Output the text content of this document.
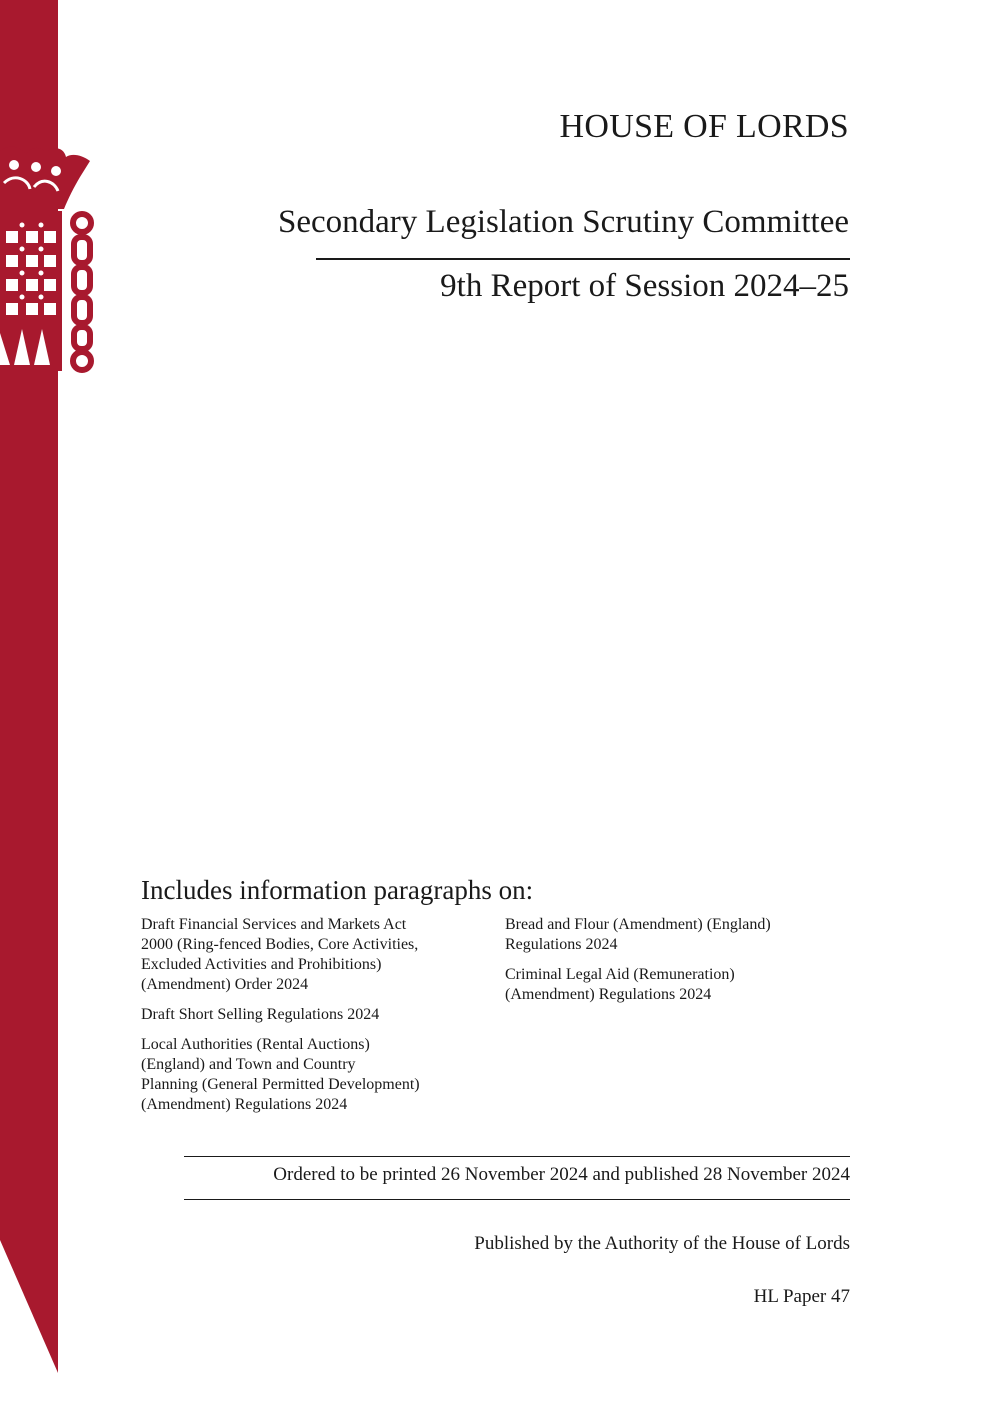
HOUSE OF LORDS
Secondary Legislation Scrutiny Committee
9th Report of Session 2024–25
Includes information paragraphs on:
Draft Financial Services and Markets Act
2000 (Ring-fenced Bodies, Core Activities,
Excluded Activities and Prohibitions)
(Amendment) Order 2024
Draft Short Selling Regulations 2024
Local Authorities (Rental Auctions)
(England) and Town and Country
Planning (General Permitted Development)
(Amendment) Regulations 2024
Bread and Flour (Amendment) (England)
Regulations 2024
Criminal Legal Aid (Remuneration)
(Amendment) Regulations 2024
Ordered to be printed 26 November 2024 and published 28 November 2024
Published by the Authority of the House of Lords
HL Paper 47
